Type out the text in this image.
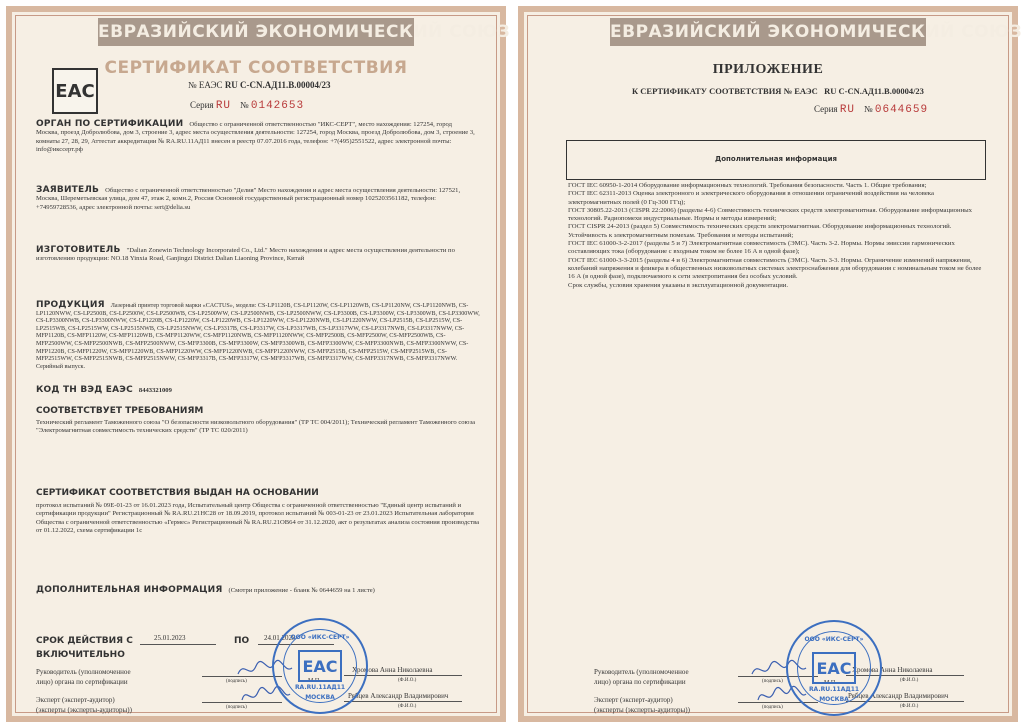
ЕВРАЗИЙСКИЙ ЭКОНОМИЧЕСКИЙ СОЮЗ
СЕРТИФИКАТ СООТВЕТСТВИЯ
EAC	№ ЕАЭС RU C-CN.АД11.В.00004/23
Серия RU № 0142653
ОРГАН ПО СЕРТИФИКАЦИИ Общество с ограниченной ответственностью "ИКС-СЕРТ", место нахождения: 127254, город Москва, проезд Добролюбова, дом 3, строение 3, адрес места осуществления деятельности: 127254, город Москва, проезд Добролюбова, дом 3, строение 3, комнаты 27, 28, 29, Аттестат аккредитации № RA.RU.11АД11 внесен в реестр 07.07.2016 года, телефон: +7(495)2551522, адрес электронной почты: info@иксcерт.рф
ЗАЯВИТЕЛЬ Общество с ограниченной ответственностью "Делия" Место нахождения и адрес места осуществления деятельности: 127521, Москва, Шереметьевская улица, дом 47, этаж 2, комн.2, Россия Основной государственный регистрационный номер 1025203561182, телефон: +74959728536, адрес электронной почты: sert@delia.su
ИЗГОТОВИТЕЛЬ "Dalian Zonewin Technology Incorporated Co., Ltd." Место нахождения и адрес места осуществления деятельности по изготовлению продукции: NO.18 Yinxia Road, Ganjingzi District Dalian Liaoning Province, Китай
ПРОДУКЦИЯ Лазерный принтер торговой марки «CACTUS», модели: CS-LP1120B, CS-LP1120W, CS-LP1120WB, CS-LP1120NW, CS-LP1120NWB, CS-LP1120NWW, CS-LP2500B, CS-LP2500W, CS-LP2500WB, CS-LP2500WW, CS-LP2500NWB, CS-LP2500NWW, CS-LP3300B, CS-LP3300W, CS-LP3300WB, CS-LP3300WW, CS-LP3300NWB, CS-LP3300NWW, CS-LP1220B, CS-LP1220W, CS-LP1220WB, CS-LP1220WW, CS-LP1220NWB, CS-LP1220NWW, CS-LP2515B, CS-LP2515W, CS-LP2515WB, CS-LP2515WW, CS-LP2515NWB, CS-LP2515NWW, CS-LP3317B, CS-LP3317W, CS-LP3317WB, CS-LP3317WW, CS-LP3317NWB, CS-LP3317NWW, CS-MFP1120B, CS-MFP1120W, CS-MFP1120WB, CS-MFP1120WW, CS-MFP1120NWB, CS-MFP1120NWW, CS-MFP2500B, CS-MFP2500W, CS-MFP2500WB, CS-MFP2500WW, CS-MFP2500NWB, CS-MFP2500NWW, CS-MFP3300B, CS-MFP3300W, CS-MFP3300WB, CS-MFP3300WW, CS-MFP3300NWB, CS-MFP3300NWW, CS-MFP1220B, CS-MFP1220W, CS-MFP1220WB, CS-MFP1220WW, CS-MFP1220NWB, CS-MFP1220NWW, CS-MFP2515B, CS-MFP2515W, CS-MFP2515WB, CS-MFP2515WW, CS-MFP2515NWB, CS-MFP2515NWW, CS-MFP3317B, CS-MFP3317W, CS-MFP3317WB, CS-MFP3317WW, CS-MFP3317NWB, CS-MFP3317NWW. Серийный выпуск.
КОД ТН ВЭД ЕАЭС 8443321009
СООТВЕТСТВУЕТ ТРЕБОВАНИЯМ
Технический регламент Таможенного союза "О безопасности низковольтного оборудования" (ТР ТС 004/2011); Технический регламент Таможенного союза "Электромагнитная совместимость технических средств" (ТР ТС 020/2011)
СЕРТИФИКАТ СООТВЕТСТВИЯ ВЫДАН НА ОСНОВАНИИ
протокол испытаний № 09Е-01-23 от 16.01.2023 года, Испытательный центр Общества с ограниченной ответственностью "Единый центр испытаний и сертификации продукции" Регистрационный № RA.RU.21НС28 от 18.09.2019, протокол испытаний № 003-01-23 от 23.01.2023 Испытательная лаборатория Общества с ограниченной ответственностью «Гермес» Регистрационный № RA.RU.21ОВ64 от 31.12.2020, акт о результатах анализа состояния производства от 01.12.2022, схема сертификации 1с
ДОПОЛНИТЕЛЬНАЯ ИНФОРМАЦИЯ (Смотри приложение - бланк № 0644659 на 1 листе)
СРОК ДЕЙСТВИЯ С
ВКЛЮЧИТЕЛЬНО
25.01.2023	ПО 24.01.2028
Руководитель (уполномоченное
лицо) органа по сертификации	(подпись)
Хромова Анна Николаевна
(Ф.И.О.)
М.П.
Эксперт (эксперт-аудитор)
(эксперты (эксперты-аудиторы))	(подпись)
Рябцев Александр Владимирович
(Ф.И.О.)
ООО «ИКС-СЕРТ»
EAC
RA.RU.11АД11
МОСКВА
ЕВРАЗИЙСКИЙ ЭКОНОМИЧЕСКИЙ СОЮЗ
ПРИЛОЖЕНИЕ
К СЕРТИФИКАТУ СООТВЕТСТВИЯ № ЕАЭС RU C-CN.АД11.В.00004/23
Серия RU № 0644659
Дополнительная информация
ГОСТ IEC 60950-1-2014 Оборудование информационных технологий. Требования безопасности. Часть 1. Общие требования;
ГОСТ IEC 62311-2013 Оценка электронного и электрического оборудования в отношении ограничений воздействия на человека электромагнитных полей (0 Гц-300 ГГц);
ГОСТ 30805.22-2013 (CISPR 22:2006) (разделы 4-6) Совместимость технических средств электромагнитная. Оборудование информационных технологий. Радиопомехи индустриальные. Нормы и методы измерений;
ГОСТ CISPR 24-2013 (раздел 5) Совместимость технических средств электромагнитная. Оборудование информационных технологий. Устойчивость к электромагнитным помехам. Требования и методы испытаний;
ГОСТ IEC 61000-3-2-2017 (разделы 5 и 7) Электромагнитная совместимость (ЭМС). Часть 3-2. Нормы. Нормы эмиссии гармонических составляющих тока (оборудование с входным током не более 16 А в одной фазе);
ГОСТ IEC 61000-3-3-2015 (разделы 4 и 6) Электромагнитная совместимость (ЭМС). Часть 3-3. Нормы. Ограничение изменений напряжения, колебаний напряжения и фликера в общественных низковольтных системах электроснабжения для оборудования с номинальным током не более 16 А (в одной фазе), подключаемого к сети электропитания без особых условий.
Срок службы, условия хранения указаны в эксплуатационной документации.
Руководитель (уполномоченное
лицо) органа по сертификации	(подпись)
Хромова Анна Николаевна
(Ф.И.О.)
М.П.
Эксперт (эксперт-аудитор)
(эксперты (эксперты-аудиторы))	(подпись)
Рябцев Александр Владимирович
(Ф.И.О.)
ООО «ИКС-СЕРТ»
EAC
RA.RU.11АД11
МОСКВА
